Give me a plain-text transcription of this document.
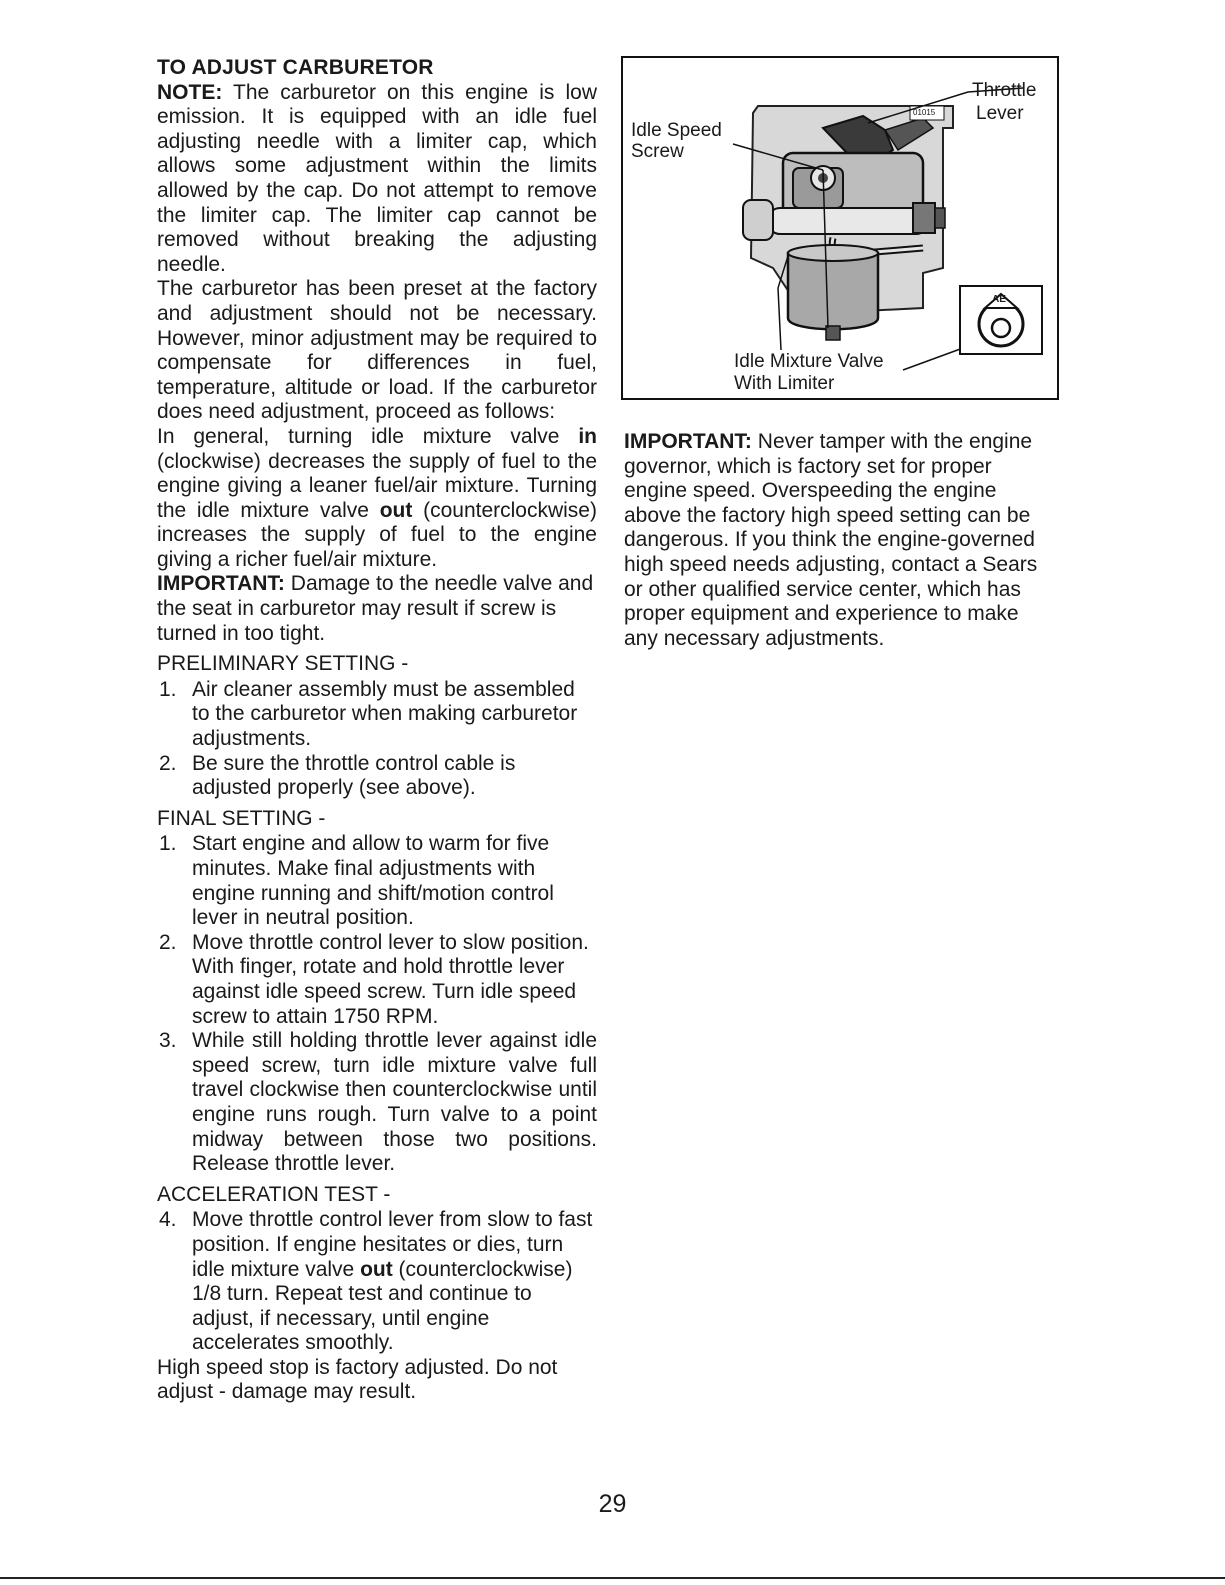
TO ADJUST CARBURETOR

NOTE: The carburetor on this engine is low emission. It is equipped with an idle fuel adjusting needle with a limiter cap, which allows some adjustment within the limits allowed by the cap. Do not attempt to remove the limiter cap. The limiter cap cannot be removed without breaking the adjusting needle.

The carburetor has been preset at the factory and adjustment should not be necessary. However, minor adjustment may be required to compensate for differences in fuel, temperature, altitude or load. If the carburetor does need adjustment, proceed as follows:

In general, turning idle mixture valve in (clockwise) decreases the supply of fuel to the engine giving a leaner fuel/air mixture. Turning the idle mixture valve out (counterclockwise) increases the supply of fuel to the engine giving a richer fuel/air mixture.

IMPORTANT: Damage to the needle valve and the seat in carburetor may result if screw is turned in too tight.

PRELIMINARY SETTING -

1. Air cleaner assembly must be assembled to the carburetor when making carburetor adjustments.
2. Be sure the throttle control cable is adjusted properly (see above).

FINAL SETTING -

1. Start engine and allow to warm for five minutes. Make final adjustments with engine running and shift/motion control lever in neutral position.
2. Move throttle control lever to slow position. With finger, rotate and hold throttle lever against idle speed screw. Turn idle speed screw to attain 1750 RPM.
3. While still holding throttle lever against idle speed screw, turn idle mixture valve full travel clockwise then counterclockwise until engine runs rough. Turn valve to a point midway between those two positions. Release throttle lever.

ACCELERATION TEST -

4. Move throttle control lever from slow to fast position. If engine hesitates or dies, turn idle mixture valve out (counterclockwise) 1/8 turn. Repeat test and continue to adjust, if necessary, until engine accelerates smoothly.

High speed stop is factory adjusted. Do not adjust - damage may result.

Throttle
Lever
Idle Speed
Screw
Idle Mixture Valve
With Limiter
01015
AE

IMPORTANT: Never tamper with the engine governor, which is factory set for proper engine speed. Overspeeding the engine above the factory high speed setting can be dangerous. If you think the engine-governed high speed needs adjusting, contact a Sears or other qualified service center, which has proper equipment and experience to make any necessary adjustments.

29
